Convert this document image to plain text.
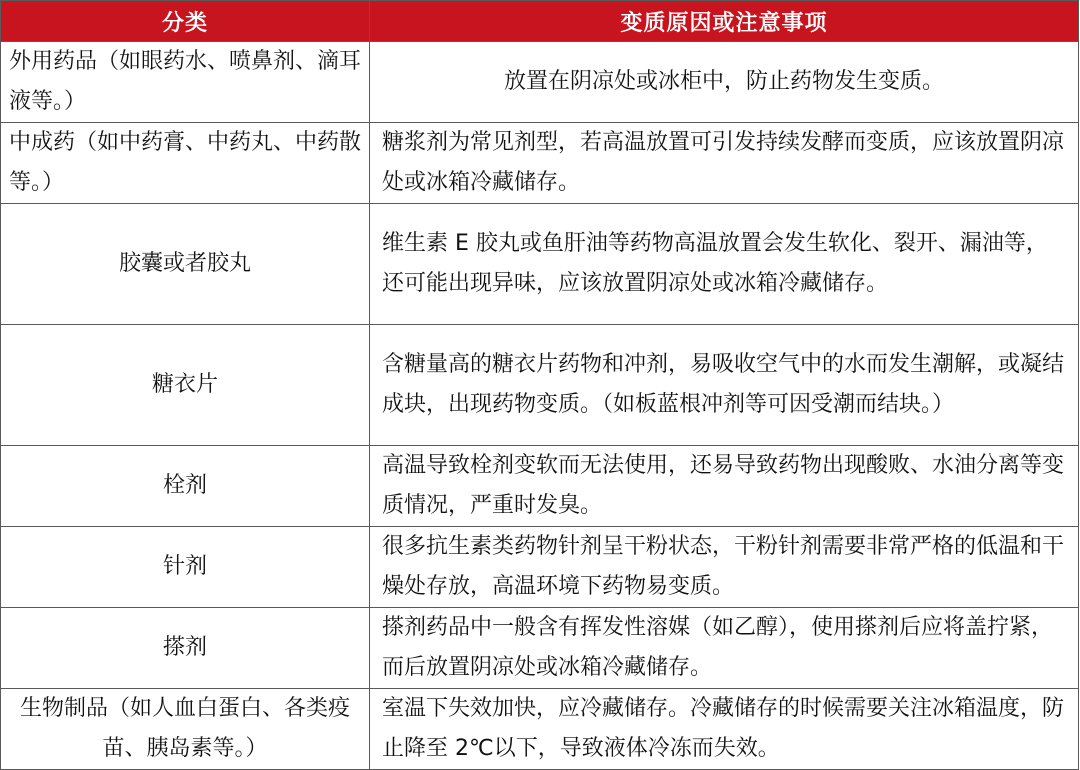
分类	变质原因或注意事项
外用药品（如眼药水、喷鼻剂、滴耳液等。）	放置在阴凉处或冰柜中，防止药物发生变质。
中成药（如中药膏、中药丸、中药散等。）	糖浆剂为常见剂型，若高温放置可引发持续发酵而变质，应该放置阴凉处或冰箱冷藏储存。
胶囊或者胶丸	维生素 E 胶丸或鱼肝油等药物高温放置会发生软化、裂开、漏油等，还可能出现异味，应该放置阴凉处或冰箱冷藏储存。
糖衣片	含糖量高的糖衣片药物和冲剂，易吸收空气中的水而发生潮解，或凝结成块，出现药物变质。（如板蓝根冲剂等可因受潮而结块。）
栓剂	高温导致栓剂变软而无法使用，还易导致药物出现酸败、水油分离等变质情况，严重时发臭。
针剂	很多抗生素类药物针剂呈干粉状态，干粉针剂需要非常严格的低温和干燥处存放，高温环境下药物易变质。
搽剂	搽剂药品中一般含有挥发性溶媒（如乙醇），使用搽剂后应将盖拧紧，而后放置阴凉处或冰箱冷藏储存。
生物制品（如人血白蛋白、各类疫苗、胰岛素等。）	室温下失效加快，应冷藏储存。冷藏储存的时候需要关注冰箱温度，防止降至 2℃以下，导致液体冷冻而失效。
